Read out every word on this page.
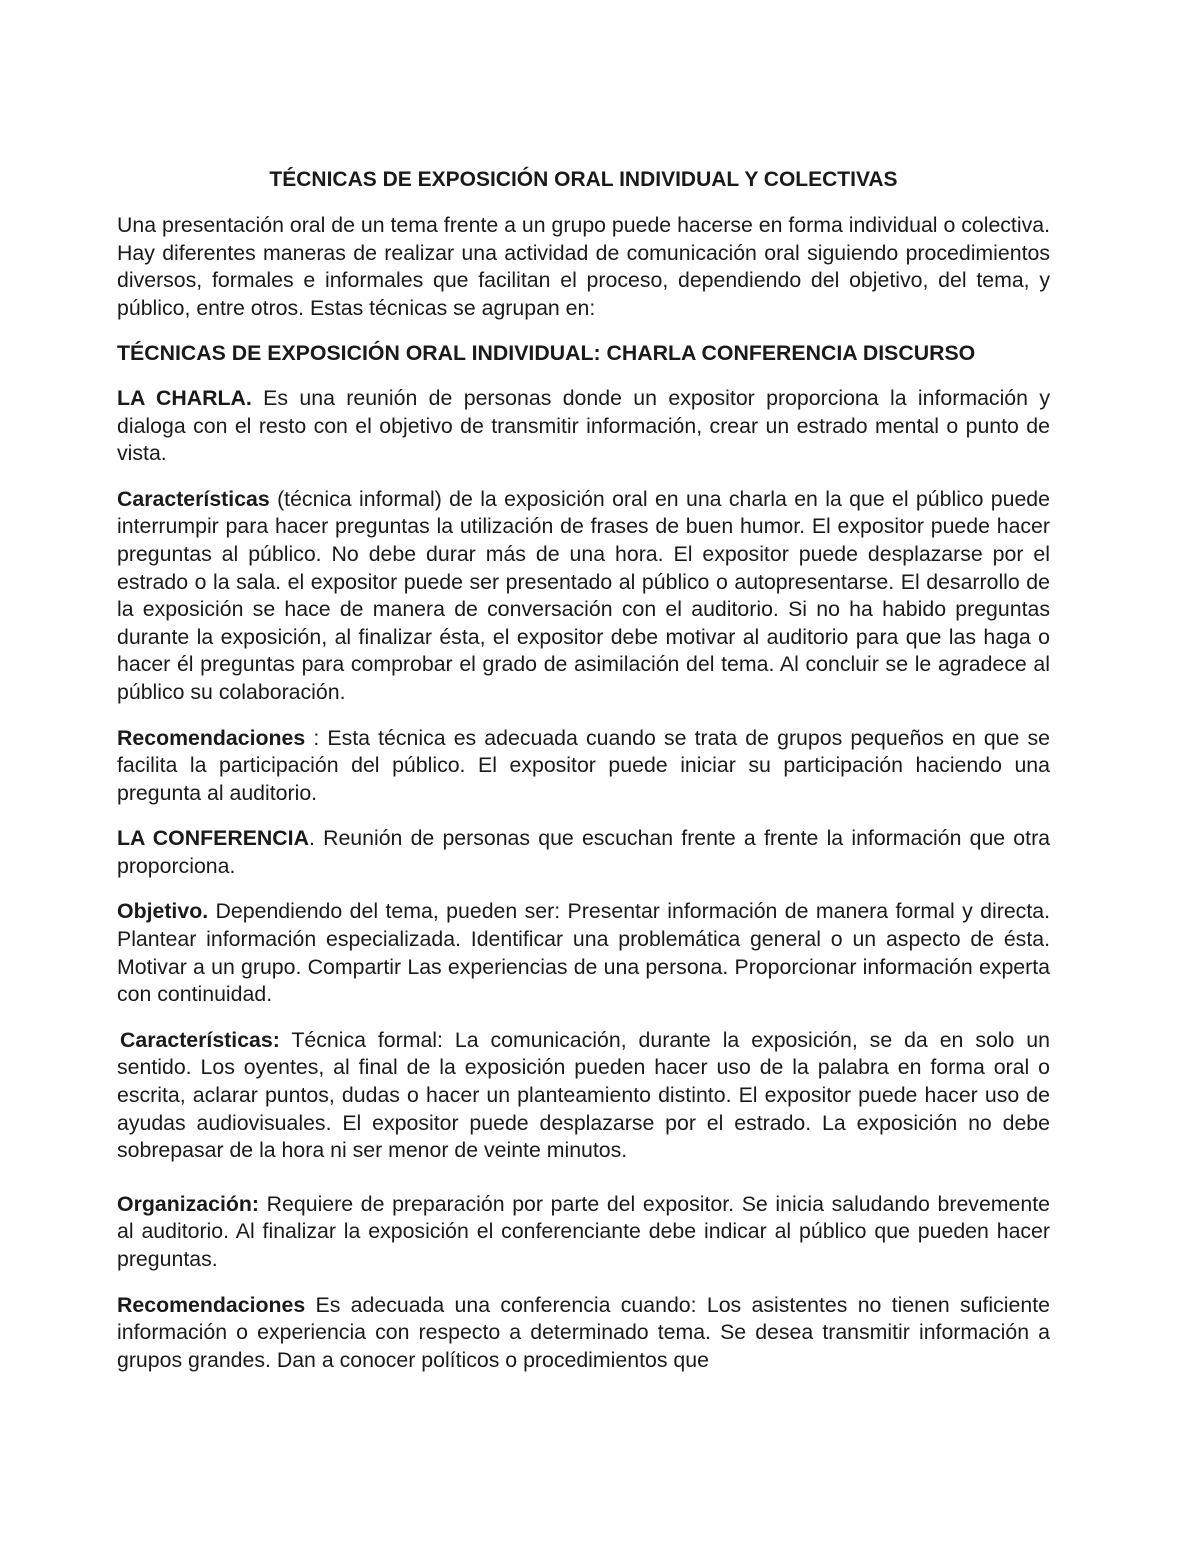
TÉCNICAS DE EXPOSICIÓN ORAL INDIVIDUAL Y COLECTIVAS

Una presentación oral de un tema frente a un grupo puede hacerse en forma individual o colectiva. Hay diferentes maneras de realizar una actividad de comunicación oral siguiendo procedimientos diversos, formales e informales que facilitan el proceso, dependiendo del objetivo, del tema, y público, entre otros. Estas técnicas se agrupan en:

TÉCNICAS DE EXPOSICIÓN ORAL INDIVIDUAL: CHARLA CONFERENCIA DISCURSO

LA CHARLA. Es una reunión de personas donde un expositor proporciona la información y dialoga con el resto con el objetivo de transmitir información, crear un estrado mental o punto de vista.

Características (técnica informal) de la exposición oral en una charla en la que el público puede interrumpir para hacer preguntas la utilización de frases de buen humor. El expositor puede hacer preguntas al público. No debe durar más de una hora. El expositor puede desplazarse por el estrado o la sala. el expositor puede ser presentado al público o autopresentarse. El desarrollo de la exposición se hace de manera de conversación con el auditorio. Si no ha habido preguntas durante la exposición, al finalizar ésta, el expositor debe motivar al auditorio para que las haga o hacer él preguntas para comprobar el grado de asimilación del tema. Al concluir se le agradece al público su colaboración.

Recomendaciones : Esta técnica es adecuada cuando se trata de grupos pequeños en que se facilita la participación del público. El expositor puede iniciar su participación haciendo una pregunta al auditorio.

LA CONFERENCIA. Reunión de personas que escuchan frente a frente la información que otra proporciona.

Objetivo. Dependiendo del tema, pueden ser: Presentar información de manera formal y directa. Plantear información especializada. Identificar una problemática general o un aspecto de ésta. Motivar a un grupo. Compartir Las experiencias de una persona. Proporcionar información experta con continuidad.

Características: Técnica formal: La comunicación, durante la exposición, se da en solo un sentido. Los oyentes, al final de la exposición pueden hacer uso de la palabra en forma oral o escrita, aclarar puntos, dudas o hacer un planteamiento distinto. El expositor puede hacer uso de ayudas audiovisuales. El expositor puede desplazarse por el estrado. La exposición no debe sobrepasar de la hora ni ser menor de veinte minutos.

Organización: Requiere de preparación por parte del expositor. Se inicia saludando brevemente al auditorio. Al finalizar la exposición el conferenciante debe indicar al público que pueden hacer preguntas.

Recomendaciones Es adecuada una conferencia cuando: Los asistentes no tienen suficiente información o experiencia con respecto a determinado tema. Se desea transmitir información a grupos grandes. Dan a conocer políticos o procedimientos que
